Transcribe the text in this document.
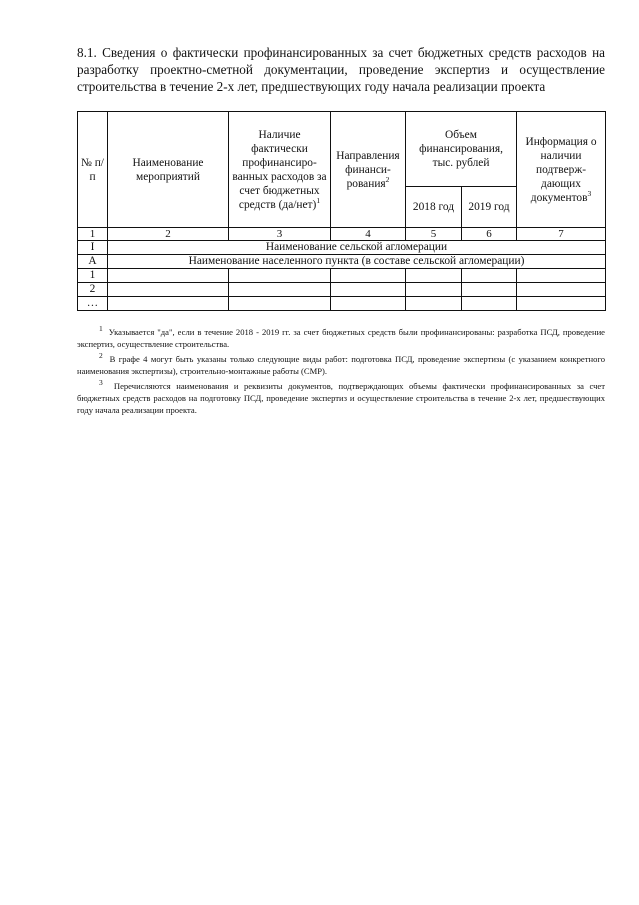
8.1. Сведения о фактически профинансированных за счет бюджетных средств расходов на разработку проектно-сметной документации, проведение экспертиз и осуществление строительства в течение 2-х лет, предшествующих году начала реализации проекта
№ п/п	Наименование мероприятий	Наличие фактически профинансиро-ванных расходов за счет бюджетных средств $(да/нет)^1$	Направления финанси-рования$^2$	Объем финансирования, тыс. рублей		Информация о наличии подтверж-дающих документов$^3$
				2018 год	2019 год	
1	2	3	4	5	6	7
I	Наименование сельской агломерации					
А	Наименование населенного пункта (в составе сельской агломерации)					
1						
2						
…						
$^1$ Указывается "да", если в течение 2018 - 2019 гг. за счет бюджетных средств были профинансированы: разработка ПСД, проведение экспертиз, осуществление строительства.
$^2$ В графе 4 могут быть указаны только следующие виды работ: подготовка ПСД, проведение экспертизы (с указанием конкретного наименования экспертизы), строительно-монтажные работы (СМР).
$^3$ Перечисляются наименования и реквизиты документов, подтверждающих объемы фактически профинансированных за счет бюджетных средств расходов на подготовку ПСД, проведение экспертиз и осуществление строительства в течение 2-х лет, предшествующих году начала реализации проекта.
